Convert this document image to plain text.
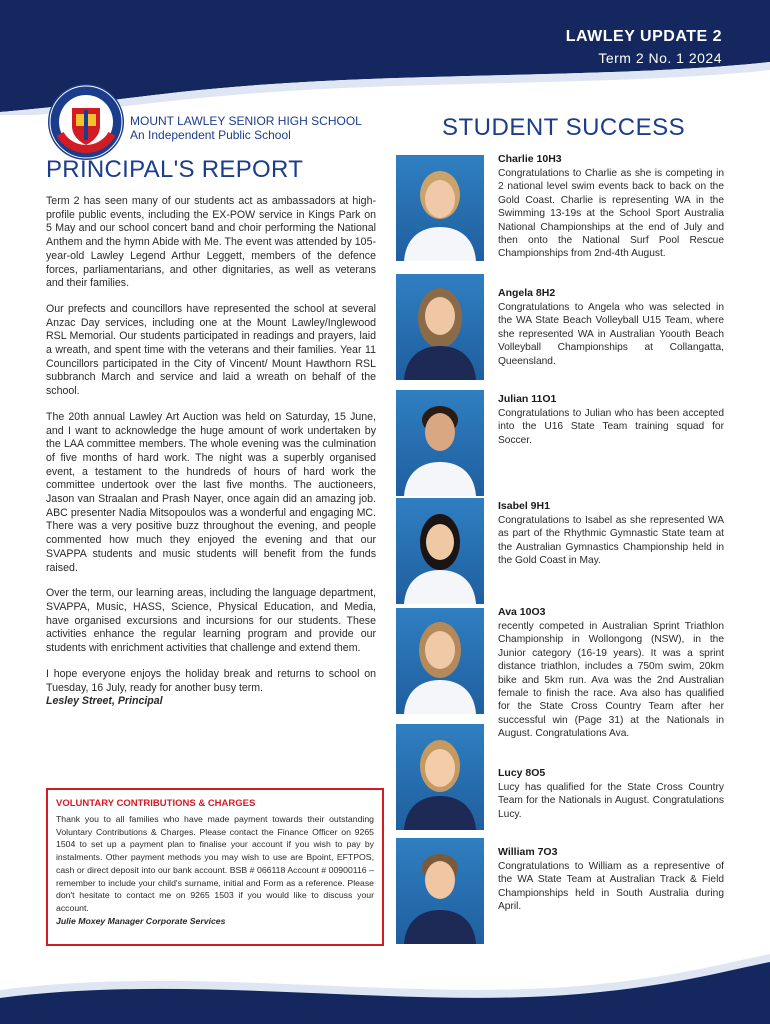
LAWLEY UPDATE 2
Term 2 No. 1 2024
MOUNT LAWLEY SENIOR HIGH SCHOOL
An Independent Public School
PRINCIPAL'S REPORT

Term 2 has seen many of our students act as ambassadors at high-profile public events, including the EX-POW service in Kings Park on 5 May and our school concert band and choir performing the National Anthem and the hymn Abide with Me. The event was attended by 105-year-old Lawley Legend Arthur Leggett, members of the defence forces, parliamentarians, and other dignitaries, as well as veterans and their families.

Our prefects and councillors have represented the school at several Anzac Day services, including one at the Mount Lawley/Inglewood RSL Memorial. Our students participated in readings and prayers, laid a wreath, and spent time with the veterans and their families. Year 11 Councillors participated in the City of Vincent/ Mount Hawthorn RSL subbranch March and service and laid a wreath on behalf of the school.

The 20th annual Lawley Art Auction was held on Saturday, 15 June, and I want to acknowledge the huge amount of work undertaken by the LAA committee members. The whole evening was the culmination of five months of hard work. The night was a superbly organised event, a testament to the hundreds of hours of hard work the committee undertook over the last five months. The auctioneers, Jason van Straalan and Prash Nayer, once again did an amazing job. ABC presenter Nadia Mitsopoulos was a wonderful and engaging MC. There was a very positive buzz throughout the evening, and people commented how much they enjoyed the evening and that our SVAPPA students and music students will benefit from the funds raised.

Over the term, our learning areas, including the language department, SVAPPA, Music, HASS, Science, Physical Education, and Media, have organised excursions and incursions for our students. These activities enhance the regular learning program and provide our students with enrichment activities that challenge and extend them.

I hope everyone enjoys the holiday break and returns to school on Tuesday, 16 July, ready for another busy term.

Lesley Street, Principal

VOLUNTARY CONTRIBUTIONS & CHARGES
Thank you to all families who have made payment towards their outstanding Voluntary Contributions & Charges. Please contact the Finance Officer on 9265 1504 to set up a payment plan to finalise your account if you wish to pay by instalments. Other payment methods you may wish to use are Bpoint, EFTPOS, cash or direct deposit into our bank account. BSB # 066118 Account # 00900116 – remember to include your child's surname, initial and Form as a reference. Please don't hesitate to contact me on 9265 1503 if you would like to discuss your account.
Julie Moxey Manager Corporate Services
STUDENT SUCCESS
Charlie 10H3
Congratulations to Charlie as she is competing in 2 national level swim events back to back on the Gold Coast. Charlie is representing WA in the Swimming 13-19s at the School Sport Australia National Championships at the end of July and then onto the National Surf Pool Rescue Championships from 2nd-4th August.
Angela 8H2
Congratulations to Angela who was selected in the WA State Beach Volleyball U15 Team, where she represented WA in Australian Yoouth Beach Volleyball Championships at Collangatta, Queensland.
Julian 11O1
Congratulations to Julian who has been accepted into the U16 State Team training squad for Soccer.
Isabel 9H1
Congratulations to Isabel as she represented WA as part of the Rhythmic Gymnastic State team at the Australian Gymnastics Championship held in the Gold Coast in May.
Ava 10O3
recently competed in Australian Sprint Triathlon Championship in Wollongong (NSW), in the Junior category (16-19 years). It was a sprint distance triathlon, includes a 750m swim, 20km bike and 5km run. Ava was the 2nd Australian female to finish the race. Ava also has qualified for the State Cross Country Team after her successful win (Page 31) at the Nationals in August. Congratulations Ava.
Lucy 8O5
Lucy has qualified for the State Cross Country Team for the Nationals in August. Congratulations Lucy.
William 7O3
Congratulations to William as a representive of the WA State Team at Australian Track & Field Championships held in South Australia during April.
